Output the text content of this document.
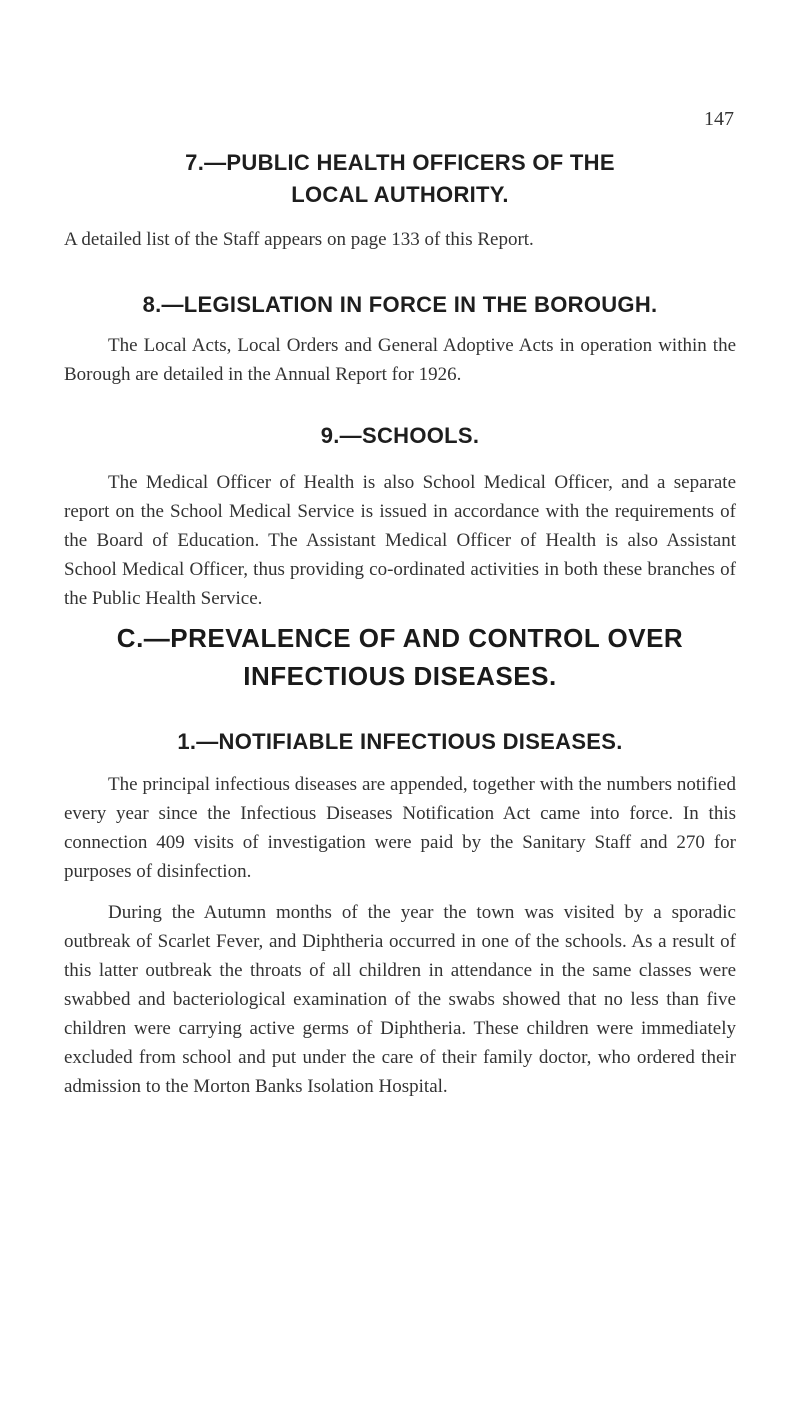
147
7.—PUBLIC HEALTH OFFICERS OF THE
LOCAL AUTHORITY.

A detailed list of the Staff appears on page 133 of this Report.

8.—LEGISLATION IN FORCE IN THE BOROUGH.

The Local Acts, Local Orders and General Adoptive Acts in operation within the Borough are detailed in the Annual Report for 1926.

9.—SCHOOLS.

The Medical Officer of Health is also School Medical Officer, and a separate report on the School Medical Service is issued in accordance with the requirements of the Board of Education. The Assistant Medical Officer of Health is also Assistant School Medical Officer, thus providing co-ordinated activities in both these branches of the Public Health Service.

C.—PREVALENCE OF AND CONTROL OVER
INFECTIOUS DISEASES.
1.—NOTIFIABLE INFECTIOUS DISEASES.

The principal infectious diseases are appended, together with the numbers notified every year since the Infectious Diseases Notification Act came into force. In this connection 409 visits of investigation were paid by the Sanitary Staff and 270 for purposes of disinfection.

During the Autumn months of the year the town was visited by a sporadic outbreak of Scarlet Fever, and Diphtheria occurred in one of the schools. As a result of this latter outbreak the throats of all children in attendance in the same classes were swabbed and bacteriological examination of the swabs showed that no less than five children were carrying active germs of Diphtheria. These children were immediately excluded from school and put under the care of their family doctor, who ordered their admission to the Morton Banks Isolation Hospital.
